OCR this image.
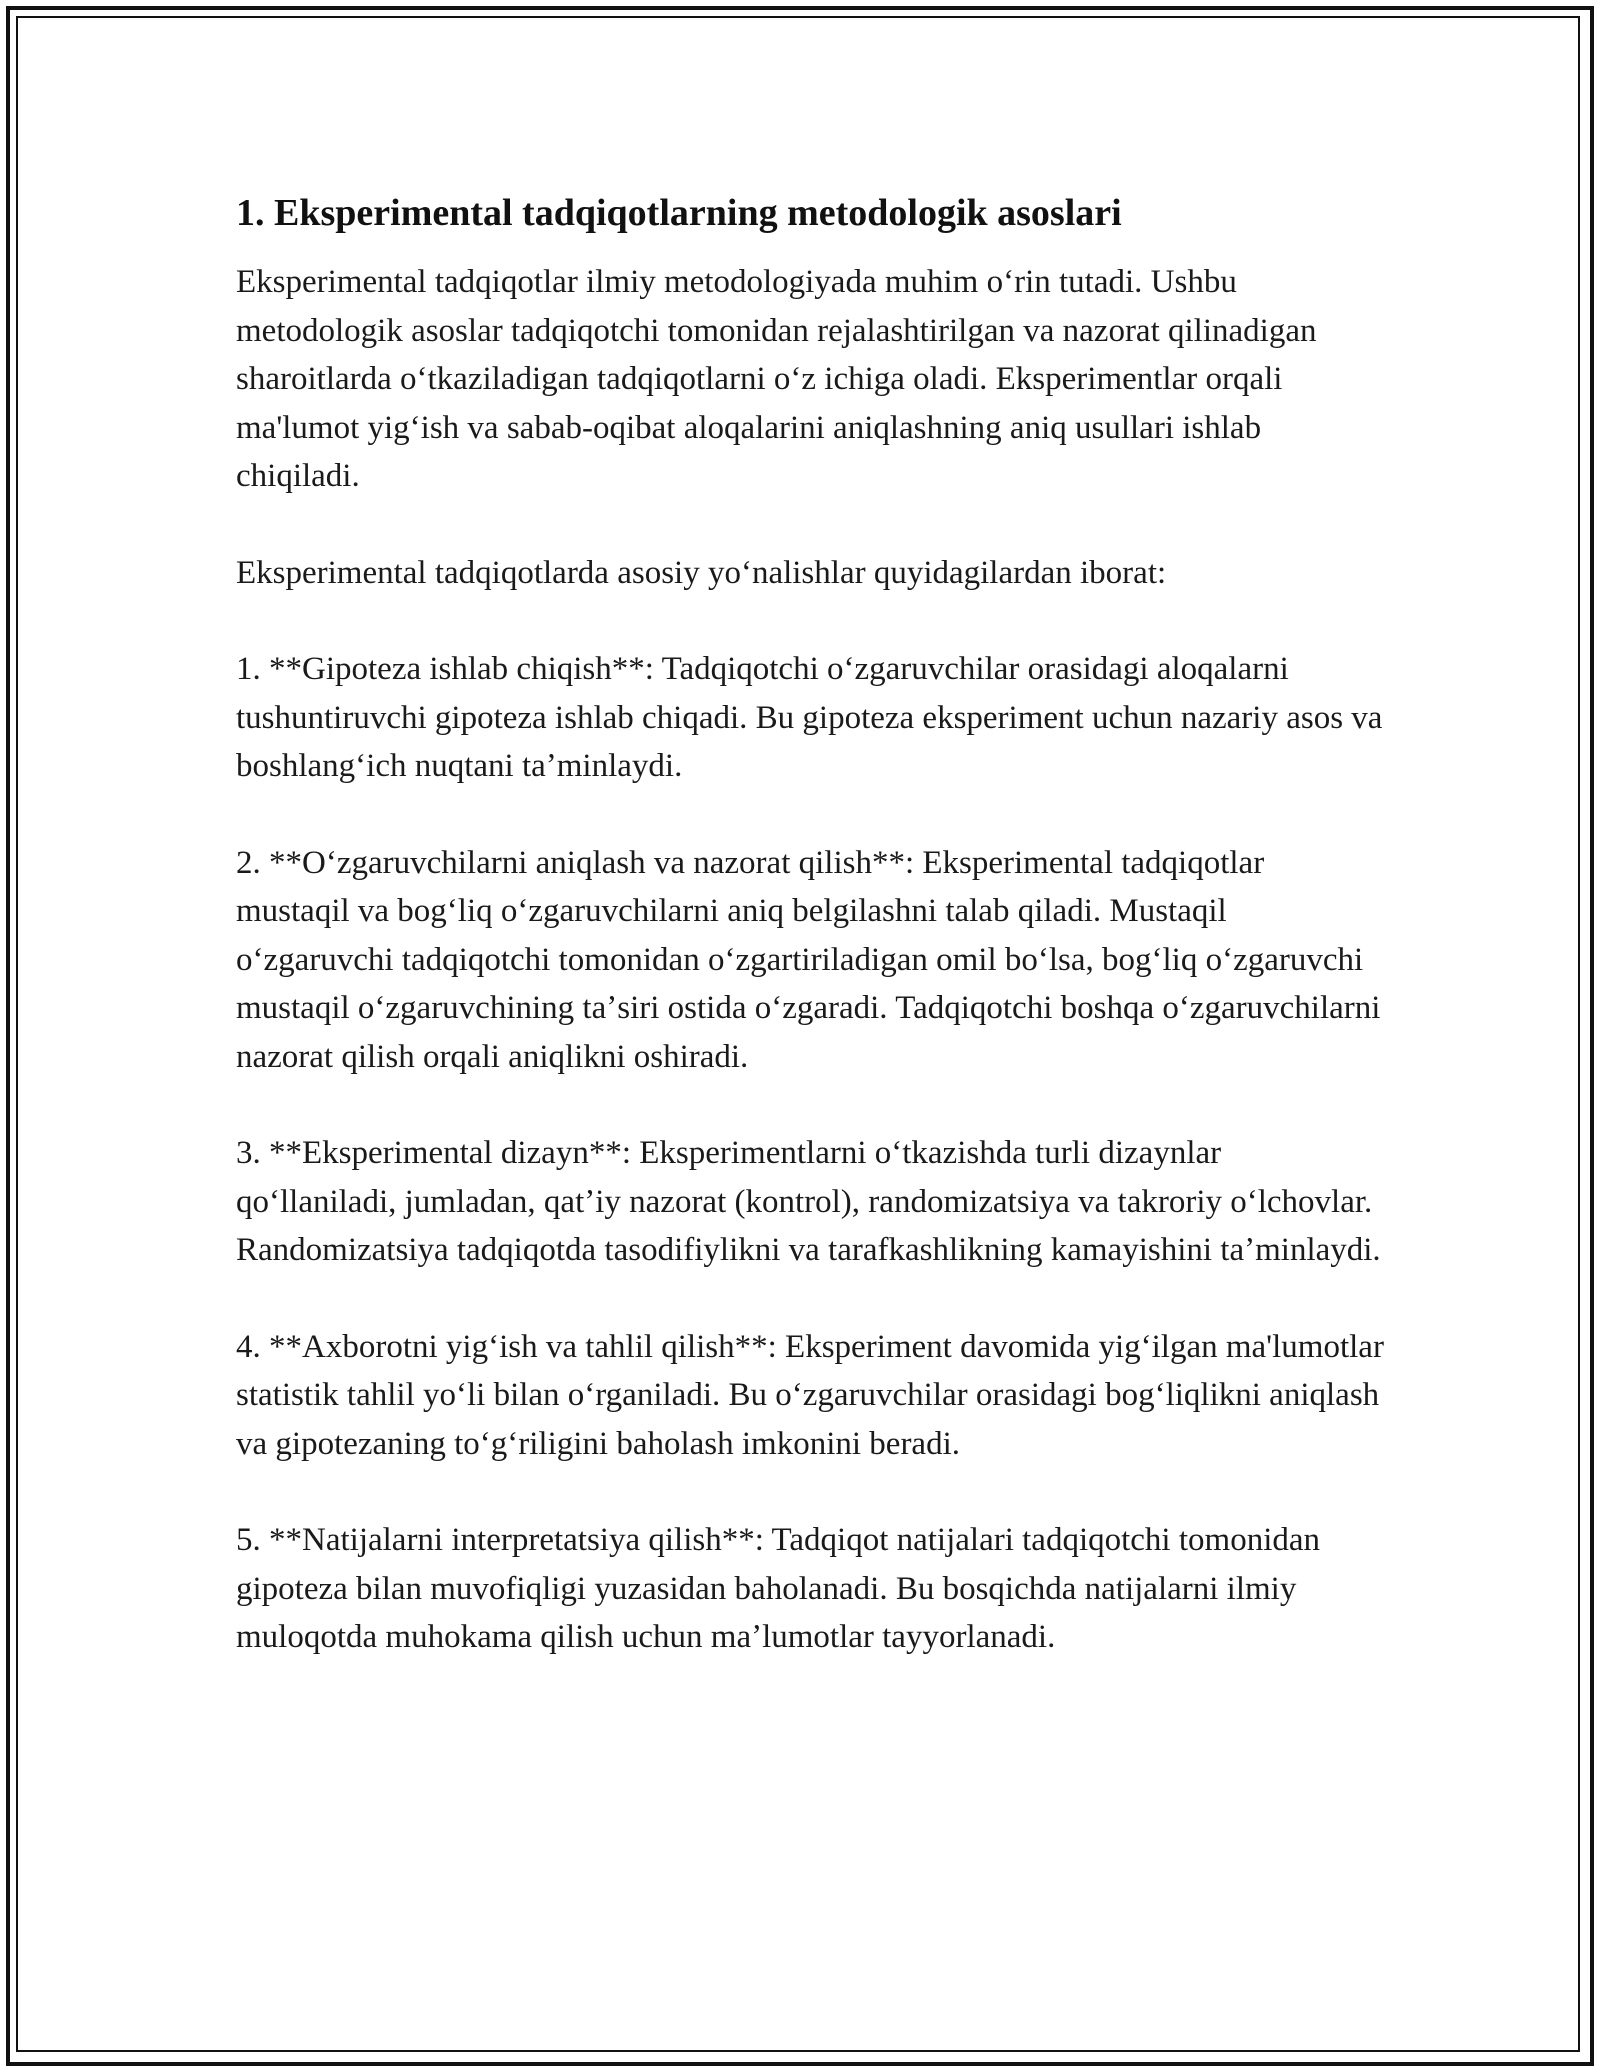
1. Eksperimental tadqiqotlarning metodologik asoslari

Eksperimental tadqiqotlar ilmiy metodologiyada muhim oʻrin tutadi. Ushbu metodologik asoslar tadqiqotchi tomonidan rejalashtirilgan va nazorat qilinadigan sharoitlarda oʻtkaziladigan tadqiqotlarni oʻz ichiga oladi. Eksperimentlar orqali ma'lumot yigʻish va sabab-oqibat aloqalarini aniqlashning aniq usullari ishlab chiqiladi.

Eksperimental tadqiqotlarda asosiy yoʻnalishlar quyidagilardan iborat:

1. **Gipoteza ishlab chiqish**: Tadqiqotchi oʻzgaruvchilar orasidagi aloqalarni tushuntiruvchi gipoteza ishlab chiqadi. Bu gipoteza eksperiment uchun nazariy asos va boshlangʻich nuqtani taʼminlaydi.

2. **Oʻzgaruvchilarni aniqlash va nazorat qilish**: Eksperimental tadqiqotlar mustaqil va bogʻliq oʻzgaruvchilarni aniq belgilashni talab qiladi. Mustaqil oʻzgaruvchi tadqiqotchi tomonidan oʻzgartiriladigan omil boʻlsa, bogʻliq oʻzgaruvchi mustaqil oʻzgaruvchining taʼsiri ostida oʻzgaradi. Tadqiqotchi boshqa oʻzgaruvchilarni nazorat qilish orqali aniqlikni oshiradi.

3. **Eksperimental dizayn**: Eksperimentlarni oʻtkazishda turli dizaynlar qoʻllaniladi, jumladan, qatʼiy nazorat (kontrol), randomizatsiya va takroriy oʻlchovlar. Randomizatsiya tadqiqotda tasodifiylikni va tarafkashlikning kamayishini taʼminlaydi.

4. **Axborotni yigʻish va tahlil qilish**: Eksperiment davomida yigʻilgan ma'lumotlar statistik tahlil yoʻli bilan oʻrganiladi. Bu oʻzgaruvchilar orasidagi bogʻliqlikni aniqlash va gipotezaning toʻgʻriligini baholash imkonini beradi.

5. **Natijalarni interpretatsiya qilish**: Tadqiqot natijalari tadqiqotchi tomonidan gipoteza bilan muvofiqligi yuzasidan baholanadi. Bu bosqichda natijalarni ilmiy muloqotda muhokama qilish uchun maʼlumotlar tayyorlanadi.
